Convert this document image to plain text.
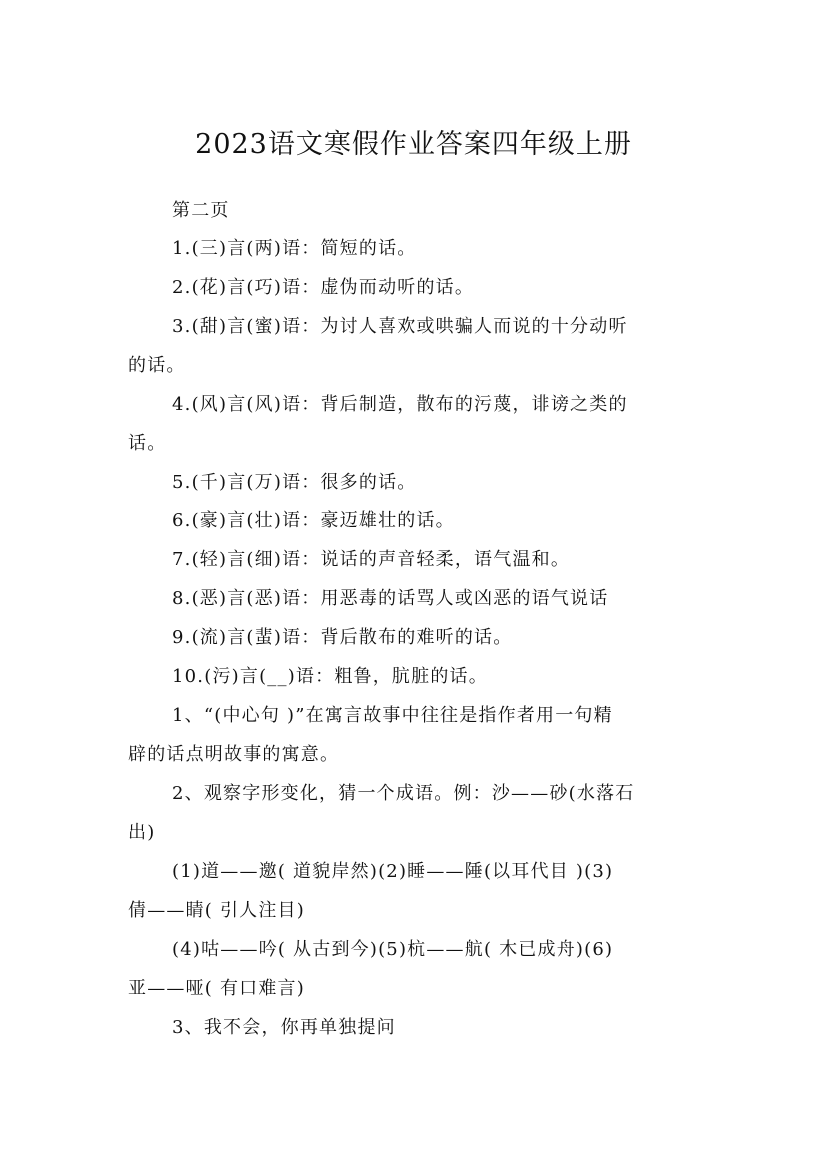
2023语文寒假作业答案四年级上册
第二页
1.(三)言(两)语：简短的话。
2.(花)言(巧)语：虚伪而动听的话。
3.(甜)言(蜜)语：为讨人喜欢或哄骗人而说的十分动听
的话。
4.(风)言(风)语：背后制造，散布的污蔑，诽谤之类的
话。
5.(千)言(万)语：很多的话。
6.(豪)言(壮)语：豪迈雄壮的话。
7.(轻)言(细)语：说话的声音轻柔，语气温和。
8.(恶)言(恶)语：用恶毒的话骂人或凶恶的语气说话
9.(流)言(蜚)语：背后散布的难听的话。
10.(污)言(__)语：粗鲁，肮脏的话。
1、“(中心句 )”在寓言故事中往往是指作者用一句精
辟的话点明故事的寓意。
2、观察字形变化，猜一个成语。例：沙——砂(水落石
出)
(1)道——邀( 道貌岸然)(2)睡——陲(以耳代目 )(3)
倩——睛( 引人注目)
(4)咕——吟( 从古到今)(5)杭——航( 木已成舟)(6)
亚——哑( 有口难言)
3、我不会，你再单独提问
